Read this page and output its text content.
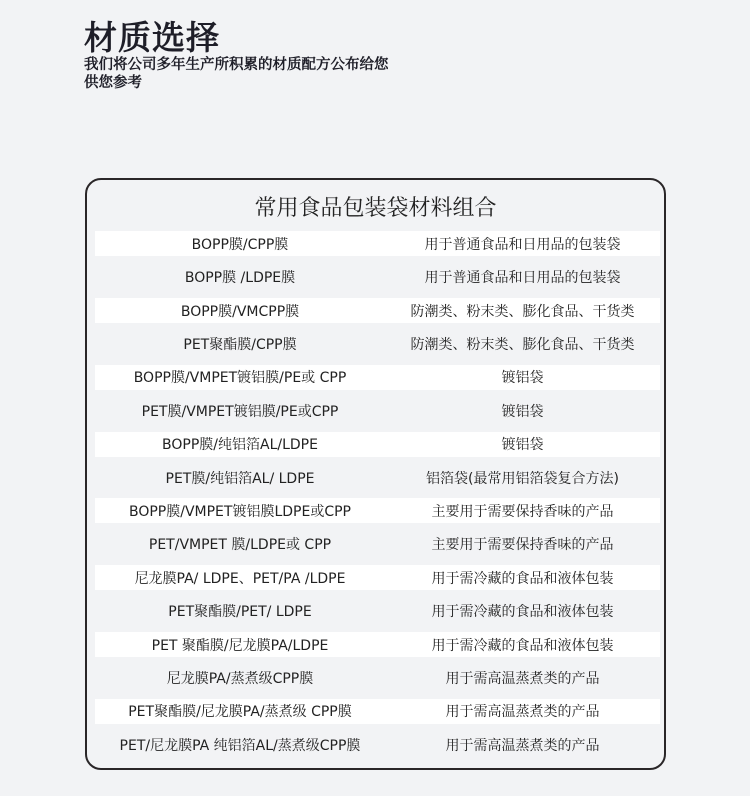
材质选择
我们将公司多年生产所积累的材质配方公布给您
供您参考
常用食品包装袋材料组合
BOPP膜/CPP膜	用于普通食品和日用品的包装袋
BOPP膜 /LDPE膜	用于普通食品和日用品的包装袋
BOPP膜/VMCPP膜	防潮类、粉末类、膨化食品、干货类
PET聚酯膜/CPP膜	防潮类、粉末类、膨化食品、干货类
BOPP膜/VMPET镀铝膜/PE或 CPP	镀铝袋
PET膜/VMPET镀铝膜/PE或CPP	镀铝袋
BOPP膜/纯铝箔AL/LDPE	镀铝袋
PET膜/纯铝箔AL/ LDPE	铝箔袋(最常用铝箔袋复合方法)
BOPP膜/VMPET镀铝膜LDPE或CPP	主要用于需要保持香味的产品
PET/VMPET 膜/LDPE或 CPP	主要用于需要保持香味的产品
尼龙膜PA/ LDPE、PET/PA /LDPE	用于需冷藏的食品和液体包装
PET聚酯膜/PET/ LDPE	用于需冷藏的食品和液体包装
PET 聚酯膜/尼龙膜PA/LDPE	用于需冷藏的食品和液体包装
尼龙膜PA/蒸煮级CPP膜	用于需高温蒸煮类的产品
PET聚酯膜/尼龙膜PA/蒸煮级 CPP膜	用于需高温蒸煮类的产品
PET/尼龙膜PA 纯铝箔AL/蒸煮级CPP膜	用于需高温蒸煮类的产品
